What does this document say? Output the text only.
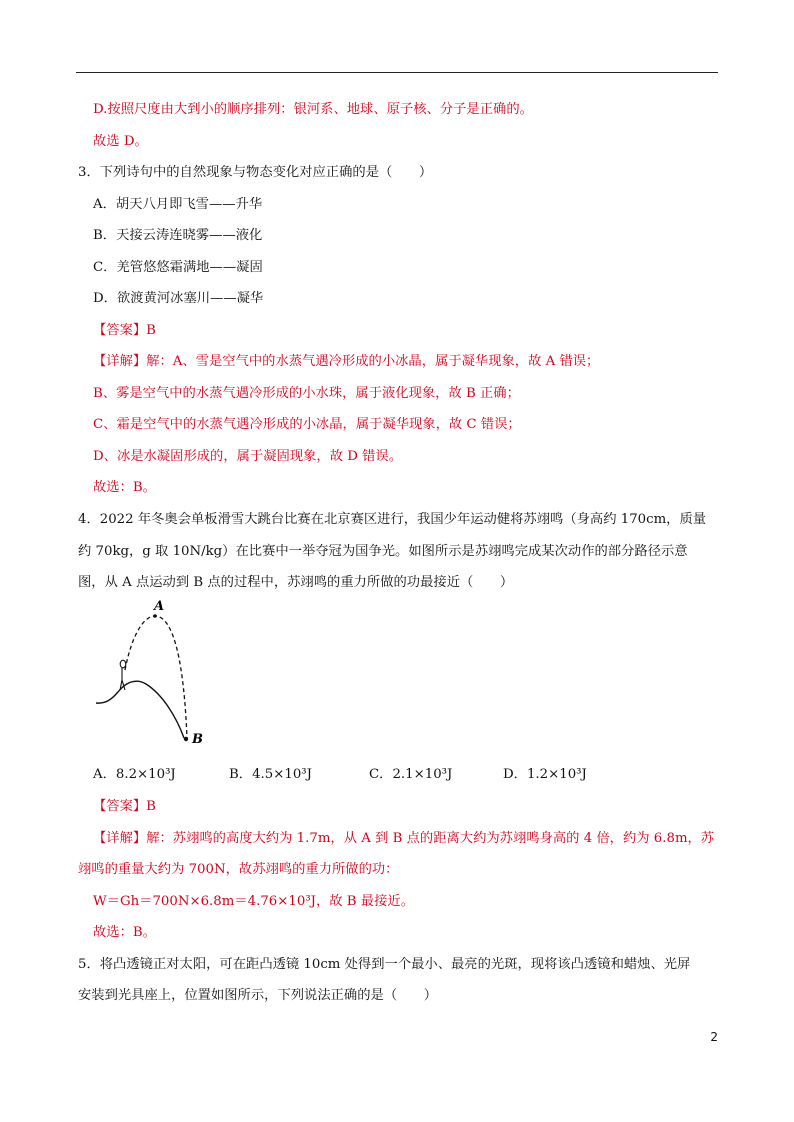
D.按照尺度由大到小的顺序排列：银河系、地球、原子核、分子是正确的。
故选 D。
3．下列诗句中的自然现象与物态变化对应正确的是（　　）
A．胡天八月即飞雪——升华
B．天接云涛连晓雾——液化
C．羌管悠悠霜满地——凝固
D．欲渡黄河冰塞川——凝华
【答案】B
【详解】解：A、雪是空气中的水蒸气遇冷形成的小冰晶，属于凝华现象，故 A 错误；
B、雾是空气中的水蒸气遇冷形成的小水珠，属于液化现象，故 B 正确；
C、霜是空气中的水蒸气遇冷形成的小冰晶，属于凝华现象，故 C 错误；
D、冰是水凝固形成的，属于凝固现象，故 D 错误。
故选：B。
4．2022 年冬奥会单板滑雪大跳台比赛在北京赛区进行，我国少年运动健将苏翊鸣（身高约 170cm，质量
约 70kg，g 取 10N/kg）在比赛中一举夺冠为国争光。如图所示是苏翊鸣完成某次动作的部分路径示意
图，从 A 点运动到 B 点的过程中，苏翊鸣的重力所做的功最接近（　　）
A
B
A．8.2×10³J	B．4.5×10³J	C．2.1×10³J	D．1.2×10³J
【答案】B
【详解】解：苏翊鸣的高度大约为 1.7m，从 A 到 B 点的距离大约为苏翊鸣身高的 4 倍，约为 6.8m，苏
翊鸣的重量大约为 700N，故苏翊鸣的重力所做的功：
W＝Gh＝700N×6.8m＝4.76×10³J，故 B 最接近。
故选：B。
5．将凸透镜正对太阳，可在距凸透镜 10cm 处得到一个最小、最亮的光斑，现将该凸透镜和蜡烛、光屏
安装到光具座上，位置如图所示，下列说法正确的是（　　）
2
